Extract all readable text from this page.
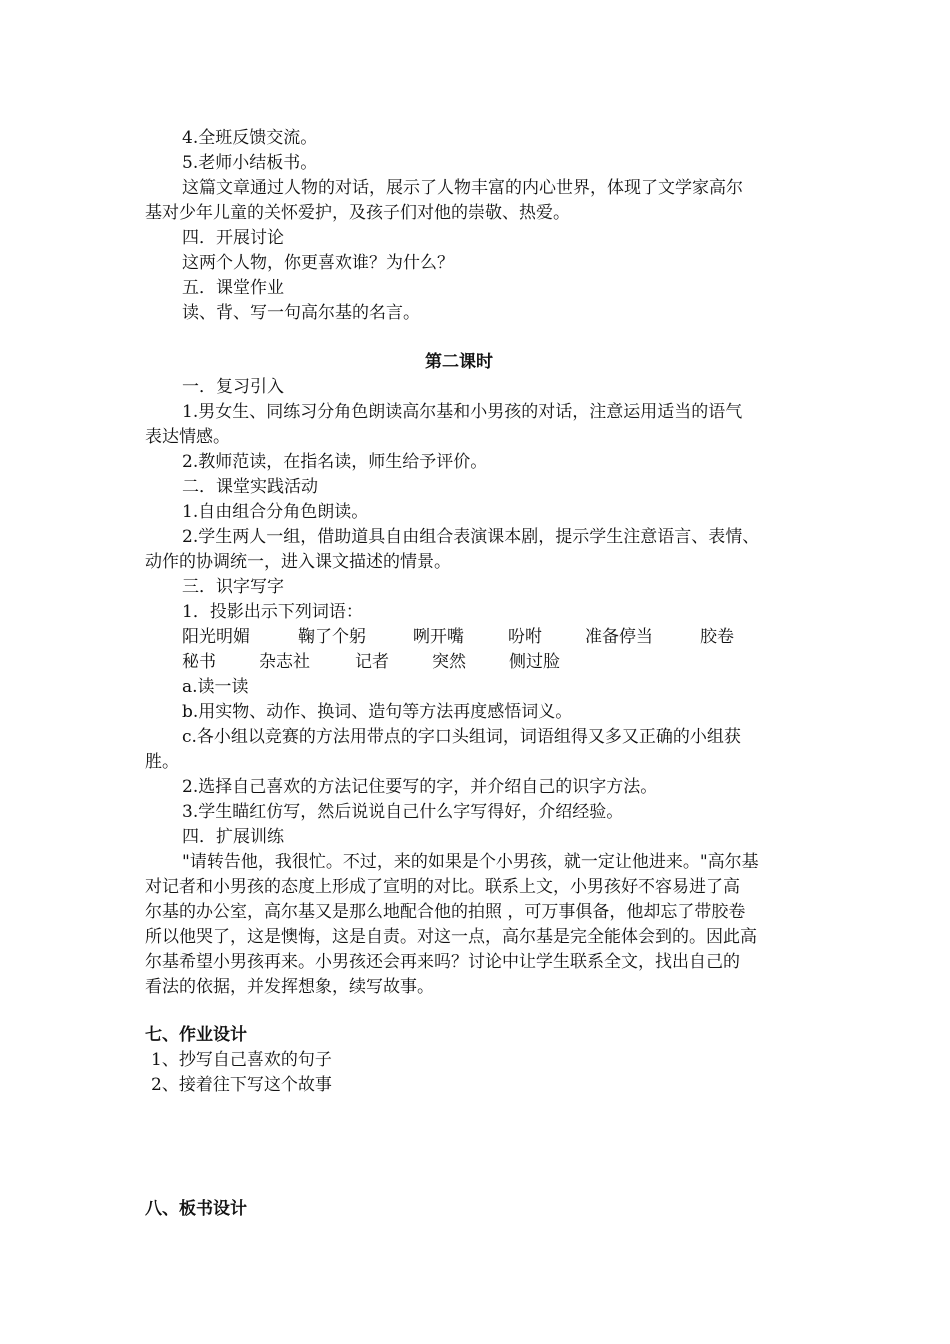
4.全班反馈交流。
5.老师小结板书。
这篇文章通过人物的对话，展示了人物丰富的内心世界，体现了文学家高尔
基对少年儿童的关怀爱护，及孩子们对他的崇敬、热爱。
四．开展讨论
这两个人物，你更喜欢谁？为什么？
五．课堂作业
读、背、写一句高尔基的名言。
第二课时
一．复习引入
1.男女生、同练习分角色朗读高尔基和小男孩的对话，注意运用适当的语气
表达情感。
2.教师范读，在指名读，师生给予评价。
二．课堂实践活动
1.自由组合分角色朗读。
2.学生两人一组，借助道具自由组合表演课本剧，提示学生注意语言、表情、
动作的协调统一，进入课文描述的情景。
三．识字写字
1．投影出示下列词语：
阳光明媚	鞠了个躬	咧开嘴	吩咐	准备停当	胶卷
秘书	杂志社	记者	突然	侧过脸
a.读一读
b.用实物、动作、换词、造句等方法再度感悟词义。
c.各小组以竞赛的方法用带点的字口头组词，词语组得又多又正确的小组获
胜。
2.选择自己喜欢的方法记住要写的字，并介绍自己的识字方法。
3.学生瞄红仿写，然后说说自己什么字写得好，介绍经验。
四．扩展训练
"请转告他，我很忙。不过，来的如果是个小男孩，就一定让他进来。"高尔基
对记者和小男孩的态度上形成了宣明的对比。联系上文，小男孩好不容易进了高
尔基的办公室，高尔基又是那么地配合他的拍照 ，可万事俱备，他却忘了带胶卷
所以他哭了，这是懊悔，这是自责。对这一点，高尔基是完全能体会到的。因此高
尔基希望小男孩再来。小男孩还会再来吗？讨论中让学生联系全文，找出自己的
看法的依据，并发挥想象，续写故事。
七、作业设计
1、抄写自己喜欢的句子
2、接着往下写这个故事
八、板书设计
